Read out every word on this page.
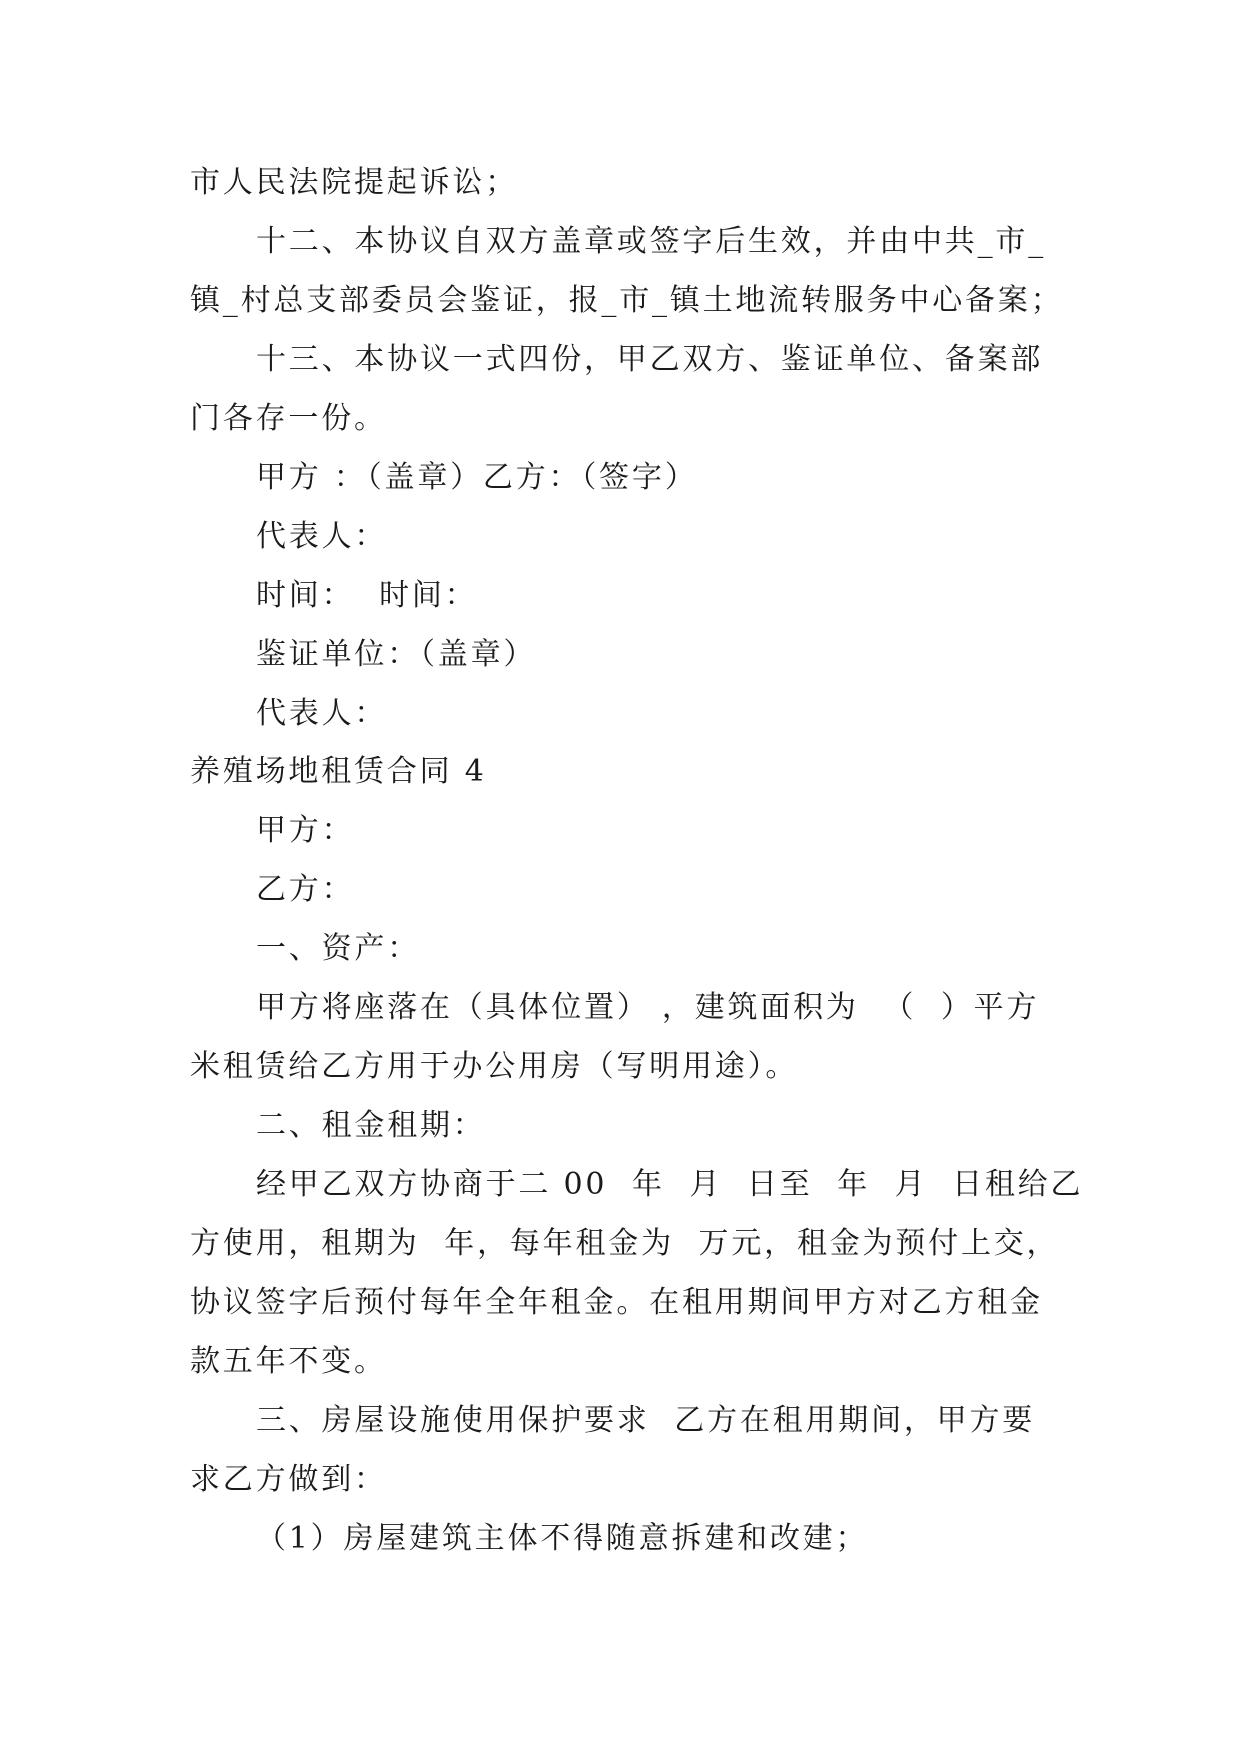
市人民法院提起诉讼；

十二、本协议自双方盖章或签字后生效，并由中共_市_

镇_村总支部委员会鉴证，报_市_镇土地流转服务中心备案；

十三、本协议一式四份，甲乙双方、鉴证单位、备案部

门各存一份。

甲方 ：（盖章）乙方：（签字）

代表人：

时间：  时间：

鉴证单位：（盖章）

代表人：

养殖场地租赁合同 4

甲方：

乙方：

一、资产：

甲方将座落在（具体位置） ，建筑面积为  （  ）平方

米租赁给乙方用于办公用房（写明用途）。

二、租金租期：

经甲乙双方协商于二 00  年  月  日至  年  月  日租给乙

方使用，租期为  年，每年租金为  万元，租金为预付上交，

协议签字后预付每年全年租金。在租用期间甲方对乙方租金

款五年不变。

三、房屋设施使用保护要求  乙方在租用期间，甲方要

求乙方做到：

（1）房屋建筑主体不得随意拆建和改建；
